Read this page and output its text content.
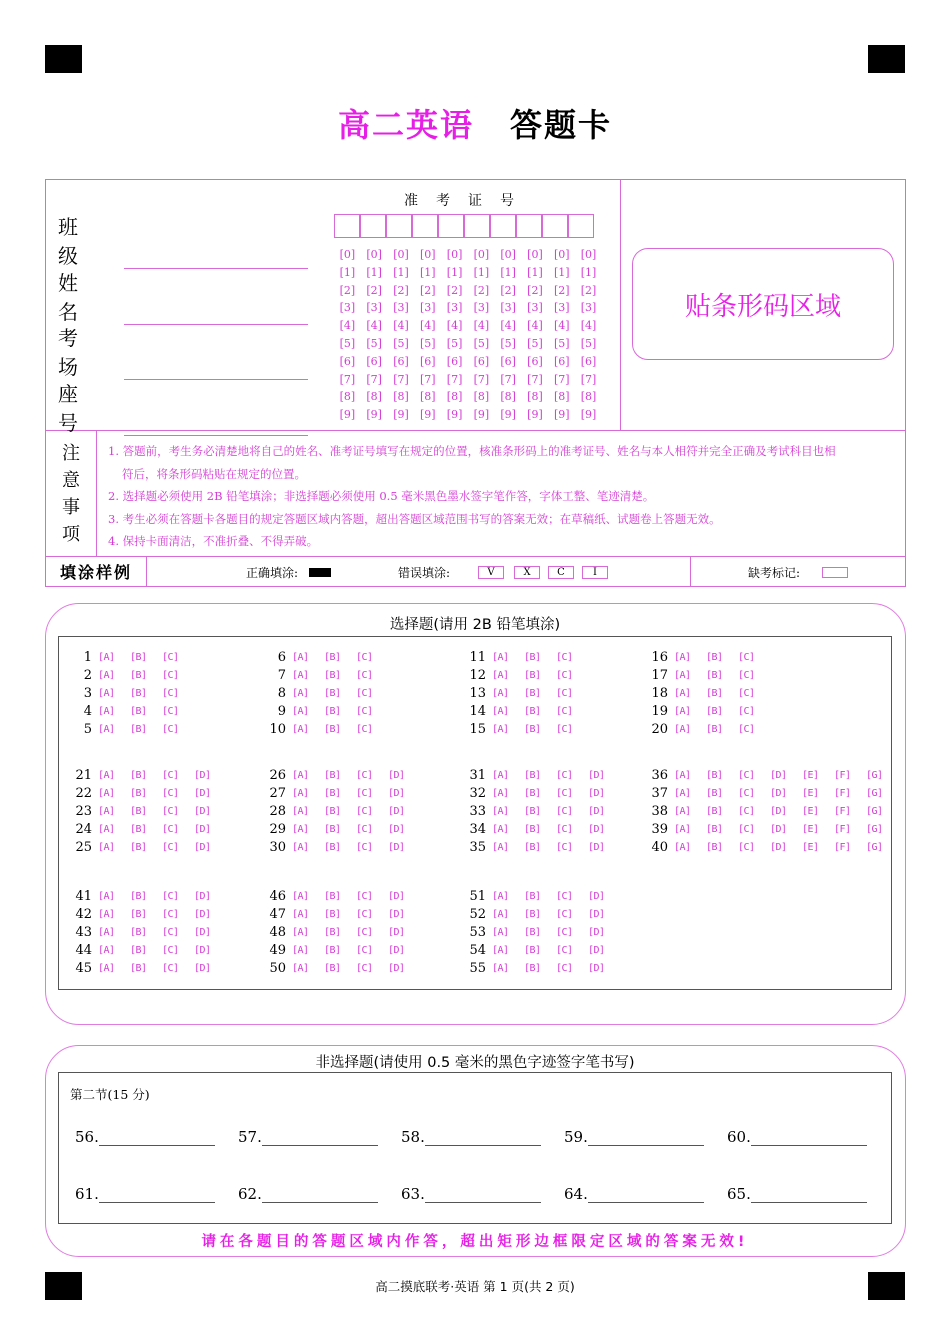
高二英语 答题卡
班级
姓名
考场
座号
准考证号
[0]	[0]	[0]	[0]	[0]	[0]	[0]	[0]	[0]	[0]
[1]	[1]	[1]	[1]	[1]	[1]	[1]	[1]	[1]	[1]
[2]	[2]	[2]	[2]	[2]	[2]	[2]	[2]	[2]	[2]
[3]	[3]	[3]	[3]	[3]	[3]	[3]	[3]	[3]	[3]
[4]	[4]	[4]	[4]	[4]	[4]	[4]	[4]	[4]	[4]
[5]	[5]	[5]	[5]	[5]	[5]	[5]	[5]	[5]	[5]
[6]	[6]	[6]	[6]	[6]	[6]	[6]	[6]	[6]	[6]
[7]	[7]	[7]	[7]	[7]	[7]	[7]	[7]	[7]	[7]
[8]	[8]	[8]	[8]	[8]	[8]	[8]	[8]	[8]	[8]
[9]	[9]	[9]	[9]	[9]	[9]	[9]	[9]	[9]	[9]
贴条形码区域
注
意
事
项

1. 答题前，考生务必清楚地将自己的姓名、准考证号填写在规定的位置，核准条形码上的准考证号、姓名与本人相符并完全正确及考试科目也相

符后，将条形码粘贴在规定的位置。

2. 选择题必须使用 2B 铅笔填涂；非选择题必须使用 0.5 毫米黑色墨水签字笔作答，字体工整、笔迹清楚。

3. 考生必须在答题卡各题目的规定答题区域内答题，超出答题区域范围书写的答案无效；在草稿纸、试题卷上答题无效。

4. 保持卡面清洁，不准折叠、不得弄破。

填涂样例	正确填涂:	错误填涂:	V	X	C	I	缺考标记:
选择题(请用 2B 铅笔填涂)
1 [A]	[B]	[C]
2 [A]	[B]	[C]
3 [A]	[B]	[C]
4 [A]	[B]	[C]
5 [A]	[B]	[C]
6 [A]	[B]	[C]
7 [A]	[B]	[C]
8 [A]	[B]	[C]
9 [A]	[B]	[C]
10 [A]	[B]	[C]
11 [A]	[B]	[C]
12 [A]	[B]	[C]
13 [A]	[B]	[C]
14 [A]	[B]	[C]
15 [A]	[B]	[C]
16 [A]	[B]	[C]
17 [A]	[B]	[C]
18 [A]	[B]	[C]
19 [A]	[B]	[C]
20 [A]	[B]	[C]
21 [A]	[B]	[C]	[D]
22 [A]	[B]	[C]	[D]
23 [A]	[B]	[C]	[D]
24 [A]	[B]	[C]	[D]
25 [A]	[B]	[C]	[D]
26 [A]	[B]	[C]	[D]
27 [A]	[B]	[C]	[D]
28 [A]	[B]	[C]	[D]
29 [A]	[B]	[C]	[D]
30 [A]	[B]	[C]	[D]
31 [A]	[B]	[C]	[D]
32 [A]	[B]	[C]	[D]
33 [A]	[B]	[C]	[D]
34 [A]	[B]	[C]	[D]
35 [A]	[B]	[C]	[D]
36 [A]	[B]	[C]	[D]	[E]	[F]	[G]
37 [A]	[B]	[C]	[D]	[E]	[F]	[G]
38 [A]	[B]	[C]	[D]	[E]	[F]	[G]
39 [A]	[B]	[C]	[D]	[E]	[F]	[G]
40 [A]	[B]	[C]	[D]	[E]	[F]	[G]
41 [A]	[B]	[C]	[D]
42 [A]	[B]	[C]	[D]
43 [A]	[B]	[C]	[D]
44 [A]	[B]	[C]	[D]
45 [A]	[B]	[C]	[D]
46 [A]	[B]	[C]	[D]
47 [A]	[B]	[C]	[D]
48 [A]	[B]	[C]	[D]
49 [A]	[B]	[C]	[D]
50 [A]	[B]	[C]	[D]
51 [A]	[B]	[C]	[D]
52 [A]	[B]	[C]	[D]
53 [A]	[B]	[C]	[D]
54 [A]	[B]	[C]	[D]
55 [A]	[B]	[C]	[D]
非选择题(请使用 0.5 毫米的黑色字迹签字笔书写)
第二节(15 分)
56.	57.	58.	59.	60.
61.	62.	63.	64.	65.
请在各题目的答题区域内作答，超出矩形边框限定区域的答案无效!
高二摸底联考·英语 第 1 页(共 2 页)
